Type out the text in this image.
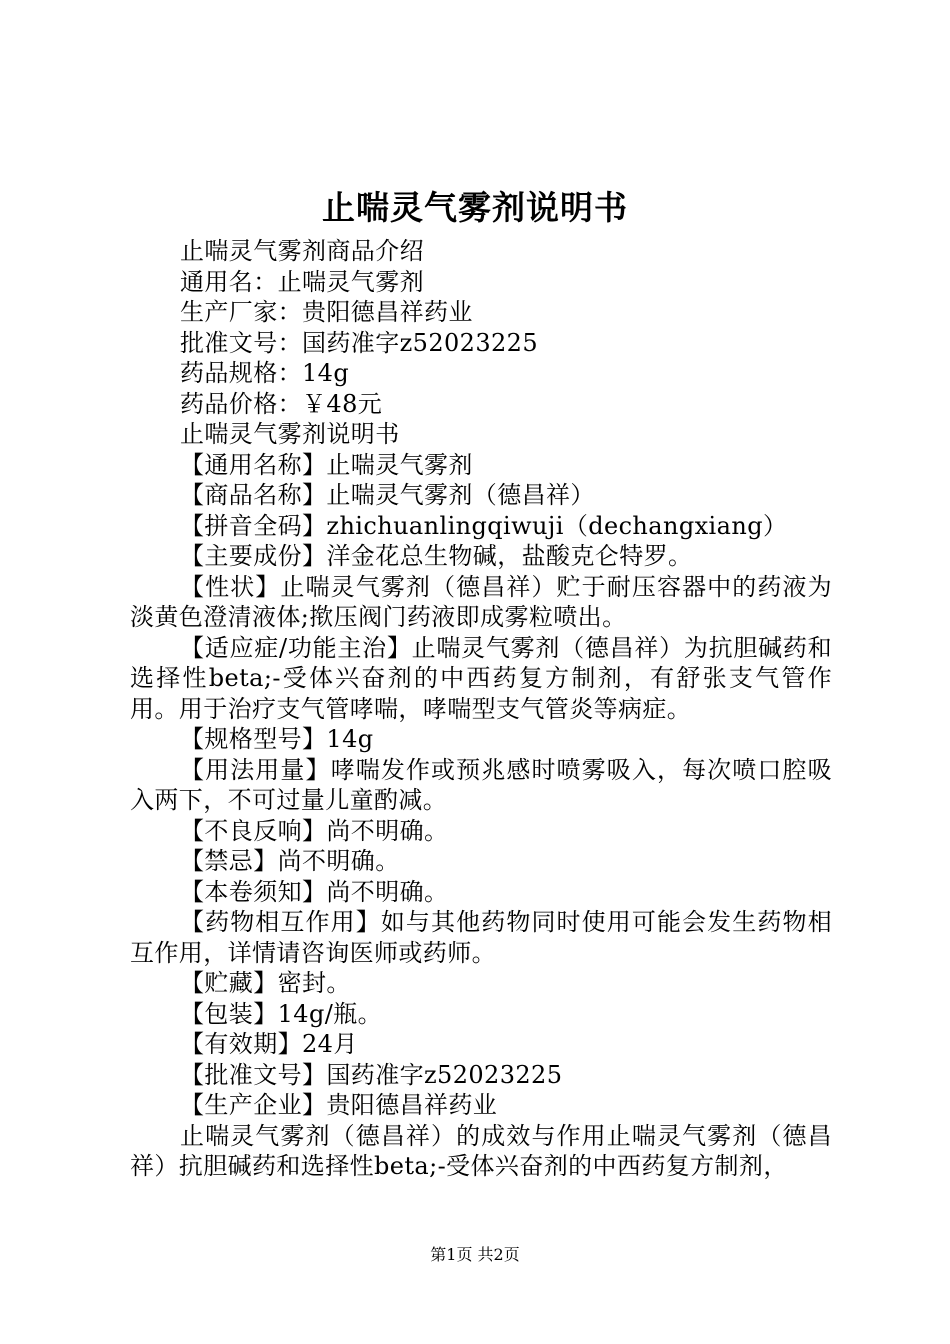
止喘灵气雾剂说明书

止喘灵气雾剂商品介绍

通用名：止喘灵气雾剂

生产厂家：贵阳德昌祥药业

批准文号：国药准字z52023225

药品规格：14g

药品价格：￥48元

止喘灵气雾剂说明书

【通用名称】止喘灵气雾剂

【商品名称】止喘灵气雾剂（德昌祥）

【拼音全码】zhichuanlingqiwuji（dechangxiang）

【主要成份】洋金花总生物碱，盐酸克仑特罗。

【性状】止喘灵气雾剂（德昌祥）贮于耐压容器中的药液为淡黄色澄清液体;揿压阀门药液即成雾粒喷出。

【适应症/功能主治】止喘灵气雾剂（德昌祥）为抗胆碱药和选择性beta;-受体兴奋剂的中西药复方制剂，有舒张支气管作用。用于治疗支气管哮喘，哮喘型支气管炎等病症。

【规格型号】14g

【用法用量】哮喘发作或预兆感时喷雾吸入，每次喷口腔吸入两下，不可过量儿童酌减。

【不良反响】尚不明确。

【禁忌】尚不明确。

【本卷须知】尚不明确。

【药物相互作用】如与其他药物同时使用可能会发生药物相互作用，详情请咨询医师或药师。

【贮藏】密封。

【包装】14g/瓶。

【有效期】24月

【批准文号】国药准字z52023225

【生产企业】贵阳德昌祥药业

止喘灵气雾剂（德昌祥）的成效与作用止喘灵气雾剂（德昌祥）抗胆碱药和选择性beta;-受体兴奋剂的中西药复方制剂，

第1页 共2页
